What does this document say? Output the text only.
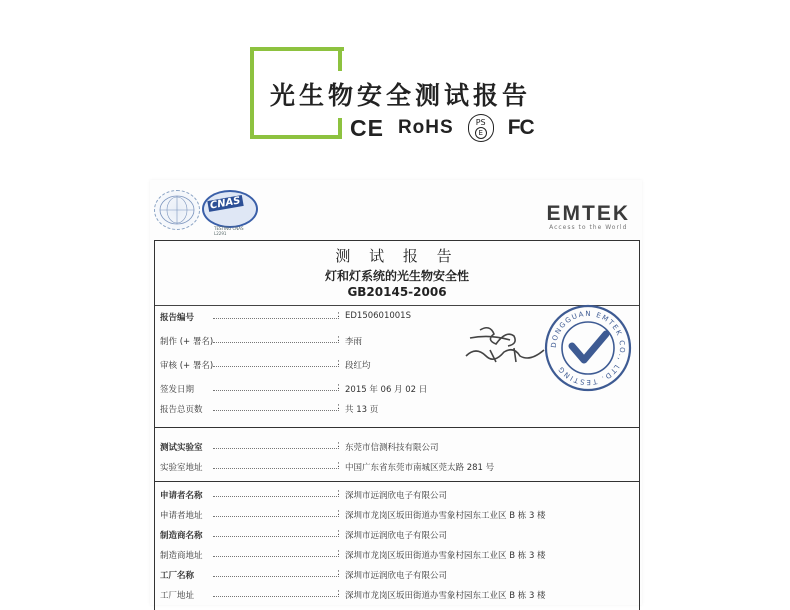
光生物安全测试报告
CE RoHS	PS
E FC
CNAS
TESTING CNAS L2291
EMTEK
Access to the World
测 试 报 告
灯和灯系统的光生物安全性
GB20145-2006
报告编号	: ED150601001S
制作 (+ 署名)	: 李雨
审核 (+ 署名)	: 段红均
签发日期	: 2015 年 06 月 02 日
报告总页数	: 共 13 页
测试实验室	: 东莞市信测科技有限公司
实验室地址	: 中国广东省东莞市南城区莞太路 281 号
申请者名称	: 深圳市远润欣电子有限公司
申请者地址	: 深圳市龙岗区坂田街道办雪象村园东工业区 B 栋 3 楼
制造商名称	: 深圳市远润欣电子有限公司
制造商地址	: 深圳市龙岗区坂田街道办雪象村园东工业区 B 栋 3 楼
工厂名称	: 深圳市远润欣电子有限公司
工厂地址	: 深圳市龙岗区坂田街道办雪象村园东工业区 B 栋 3 楼
DONGGUAN EMTEK CO., LTD. TESTING
